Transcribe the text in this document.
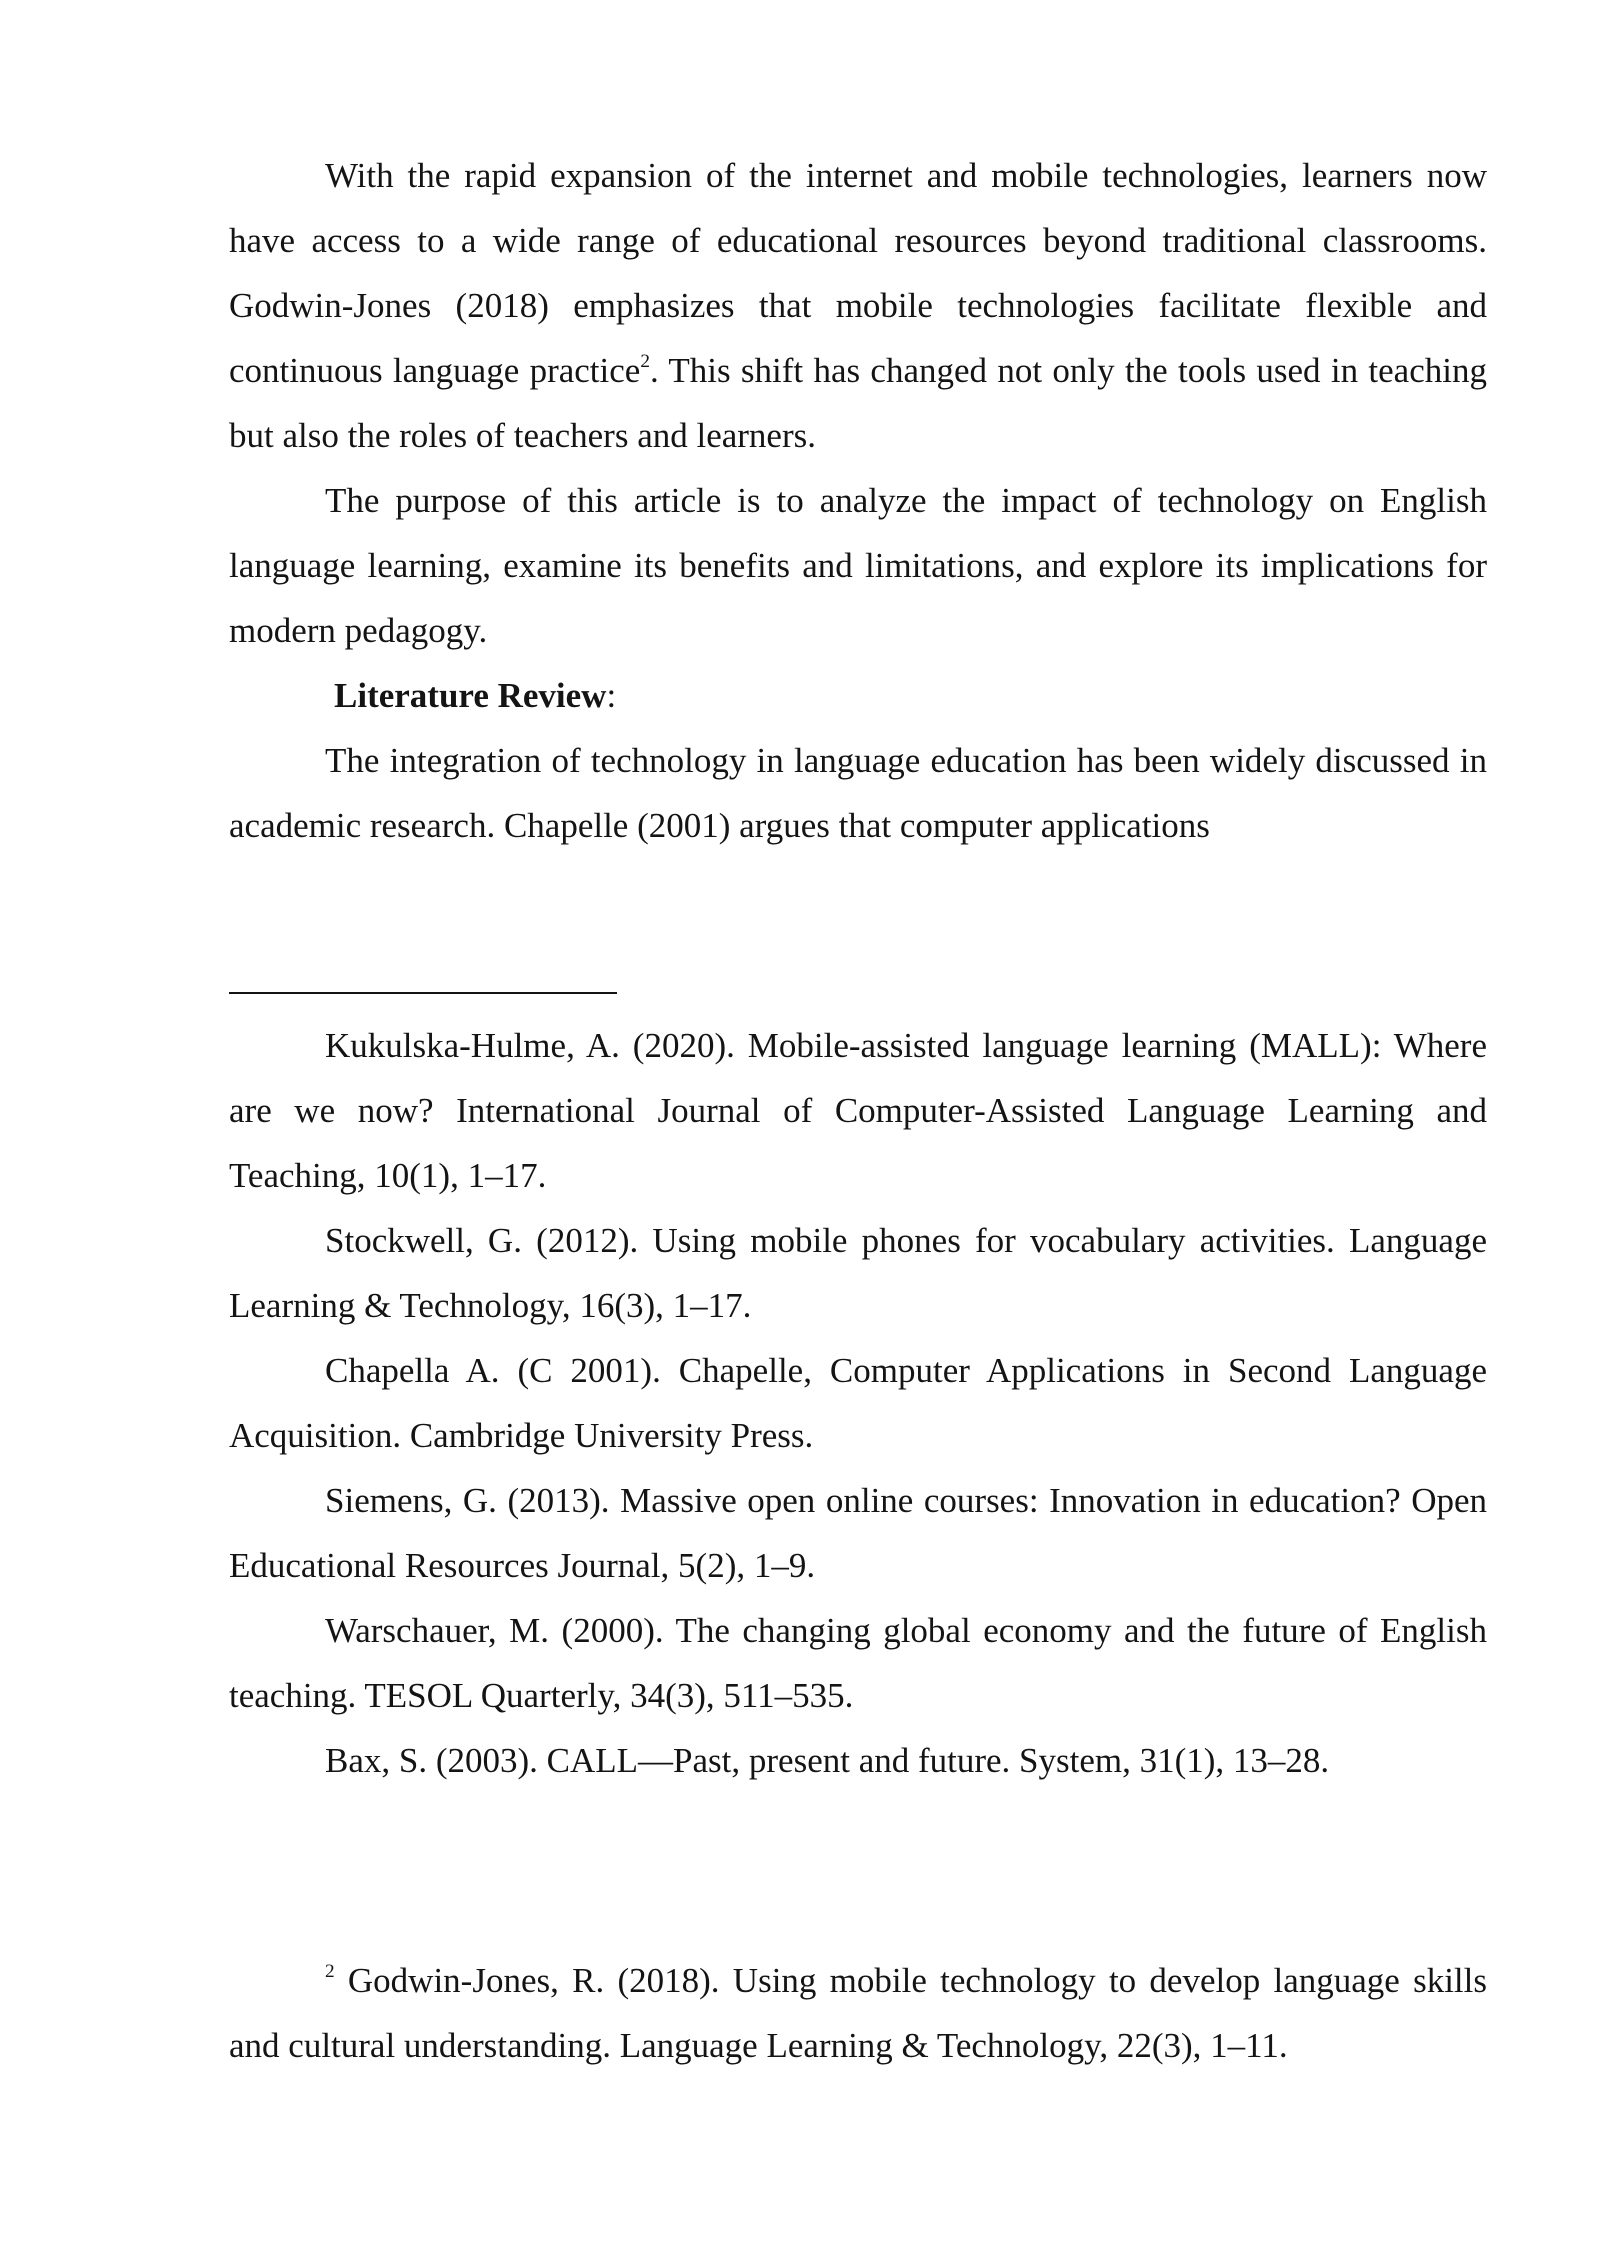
With the rapid expansion of the internet and mobile technologies, learners now have access to a wide range of educational resources beyond traditional classrooms. Godwin-Jones (2018) emphasizes that mobile technologies facilitate flexible and continuous language practice$^2$. This shift has changed not only the tools used in teaching but also the roles of teachers and learners.

The purpose of this article is to analyze the impact of technology on English language learning, examine its benefits and limitations, and explore its implications for modern pedagogy.

Literature Review:

The integration of technology in language education has been widely discussed in academic research. Chapelle (2001) argues that computer applications

Kukulska-Hulme, A. (2020). Mobile-assisted language learning (MALL): Where are we now? International Journal of Computer-Assisted Language Learning and Teaching, 10(1), 1–17.

Stockwell, G. (2012). Using mobile phones for vocabulary activities. Language Learning & Technology, 16(3), 1–17.

Chapella A. (C 2001). Chapelle, Computer Applications in Second Language Acquisition. Cambridge University Press.

Siemens, G. (2013). Massive open online courses: Innovation in education? Open Educational Resources Journal, 5(2), 1–9.

Warschauer, M. (2000). The changing global economy and the future of English teaching. TESOL Quarterly, 34(3), 511–535.

Bax, S. (2003). CALL—Past, present and future. System, 31(1), 13–28.

$^2$ Godwin-Jones, R. (2018). Using mobile technology to develop language skills and cultural understanding. Language Learning & Technology, 22(3), 1–11.
